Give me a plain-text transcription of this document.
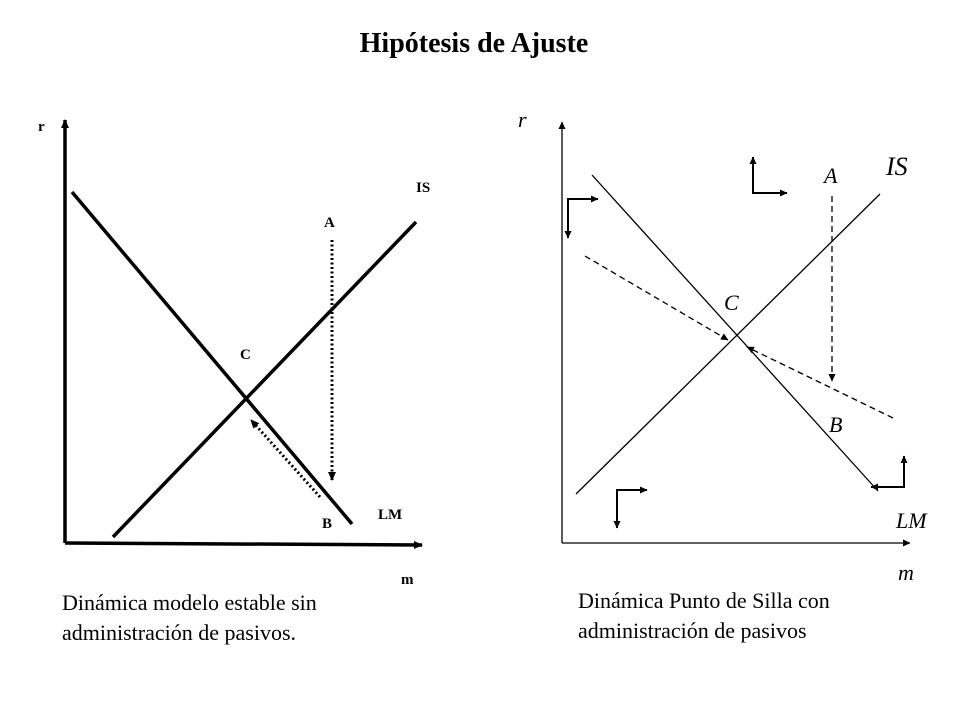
Hipótesis de Ajuste
r
m
IS
LM
A
B
C
r
m
IS
LM
A
B
C

Dinámica modelo estable sin
administración de pasivos.

Dinámica Punto de Silla con
administración de pasivos
